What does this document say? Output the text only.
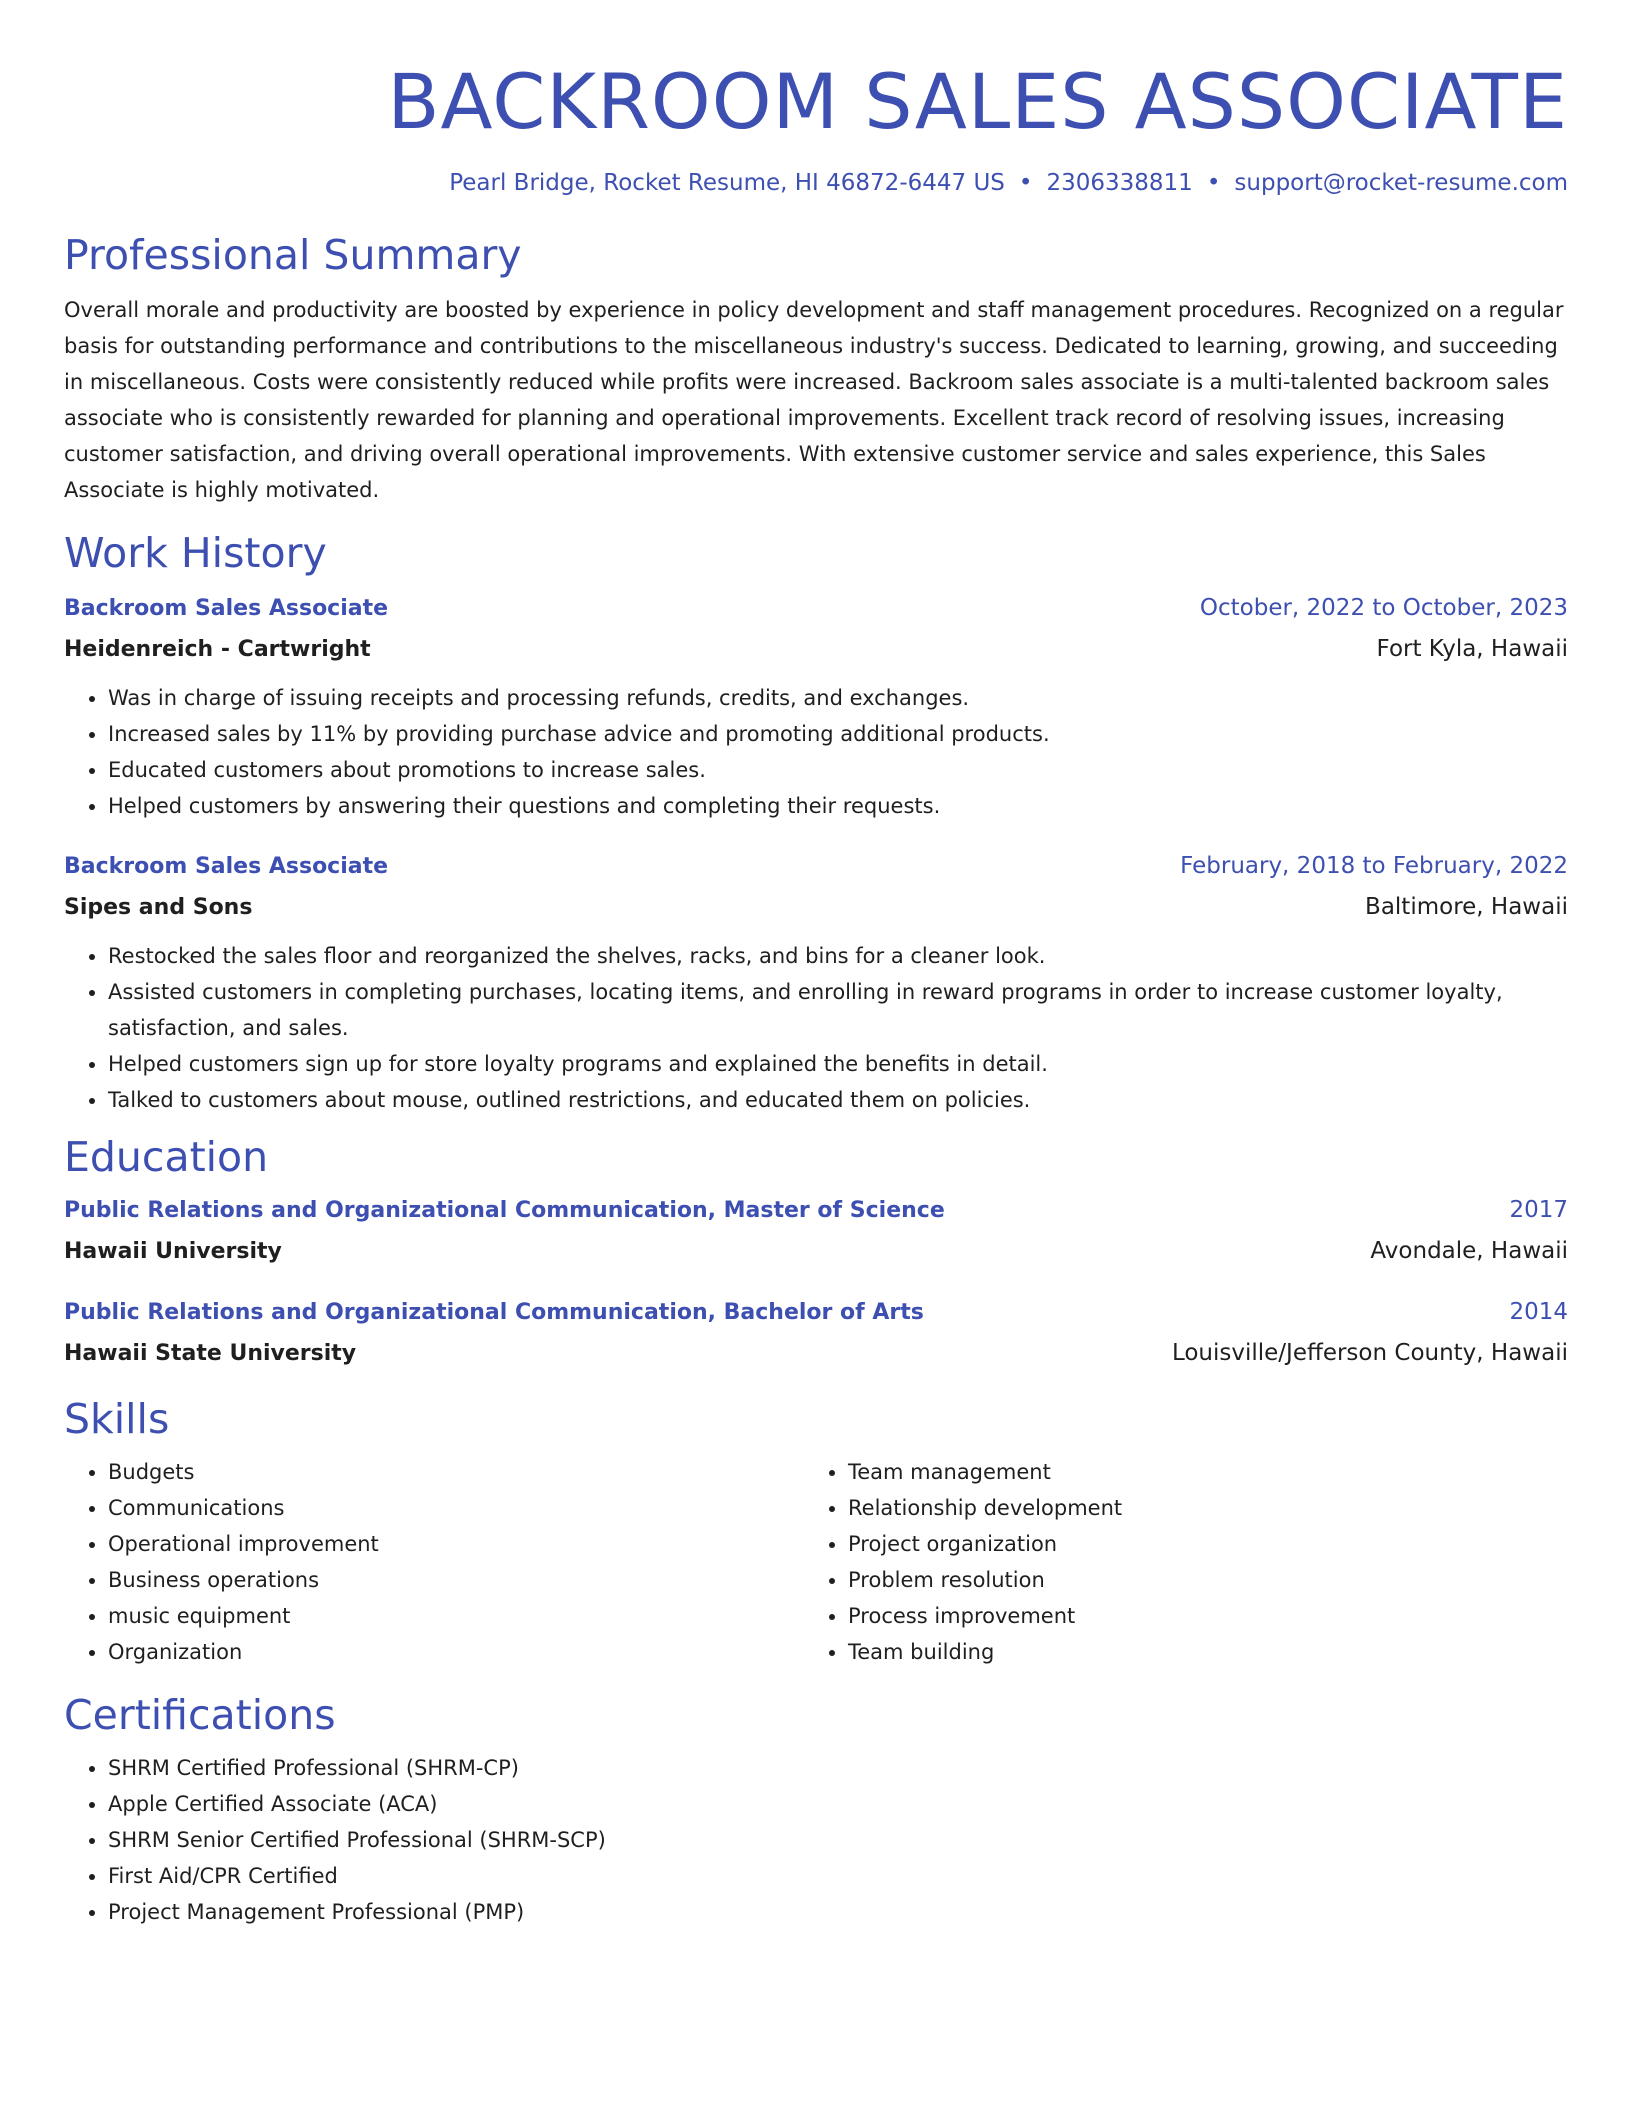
BACKROOM SALES ASSOCIATE
Pearl Bridge, Rocket Resume, HI 46872-6447 US • 2306338811 • support@rocket-resume.com
Professional Summary
Overall morale and productivity are boosted by experience in policy development and staff management procedures. Recognized on a regular basis for outstanding performance and contributions to the miscellaneous industry's success. Dedicated to learning, growing, and succeeding in miscellaneous. Costs were consistently reduced while profits were increased. Backroom sales associate is a multi-talented backroom sales associate who is consistently rewarded for planning and operational improvements. Excellent track record of resolving issues, increasing customer satisfaction, and driving overall operational improvements. With extensive customer service and sales experience, this Sales Associate is highly motivated.
Work History
Backroom Sales Associate	October, 2022 to October, 2023
Heidenreich - Cartwright	Fort Kyla, Hawaii
• Was in charge of issuing receipts and processing refunds, credits, and exchanges.
• Increased sales by 11% by providing purchase advice and promoting additional products.
• Educated customers about promotions to increase sales.
• Helped customers by answering their questions and completing their requests.
Backroom Sales Associate	February, 2018 to February, 2022
Sipes and Sons	Baltimore, Hawaii
• Restocked the sales floor and reorganized the shelves, racks, and bins for a cleaner look.
• Assisted customers in completing purchases, locating items, and enrolling in reward programs in order to increase customer loyalty, satisfaction, and sales.
• Helped customers sign up for store loyalty programs and explained the benefits in detail.
• Talked to customers about mouse, outlined restrictions, and educated them on policies.
Education
Public Relations and Organizational Communication, Master of Science	2017
Hawaii University	Avondale, Hawaii
Public Relations and Organizational Communication, Bachelor of Arts	2014
Hawaii State University	Louisville/Jefferson County, Hawaii
Skills
• Budgets
• Communications
• Operational improvement
• Business operations
• music equipment
• Organization
• Team management
• Relationship development
• Project organization
• Problem resolution
• Process improvement
• Team building
Certifications
• SHRM Certified Professional (SHRM-CP)
• Apple Certified Associate (ACA)
• SHRM Senior Certified Professional (SHRM-SCP)
• First Aid/CPR Certified
• Project Management Professional (PMP)
